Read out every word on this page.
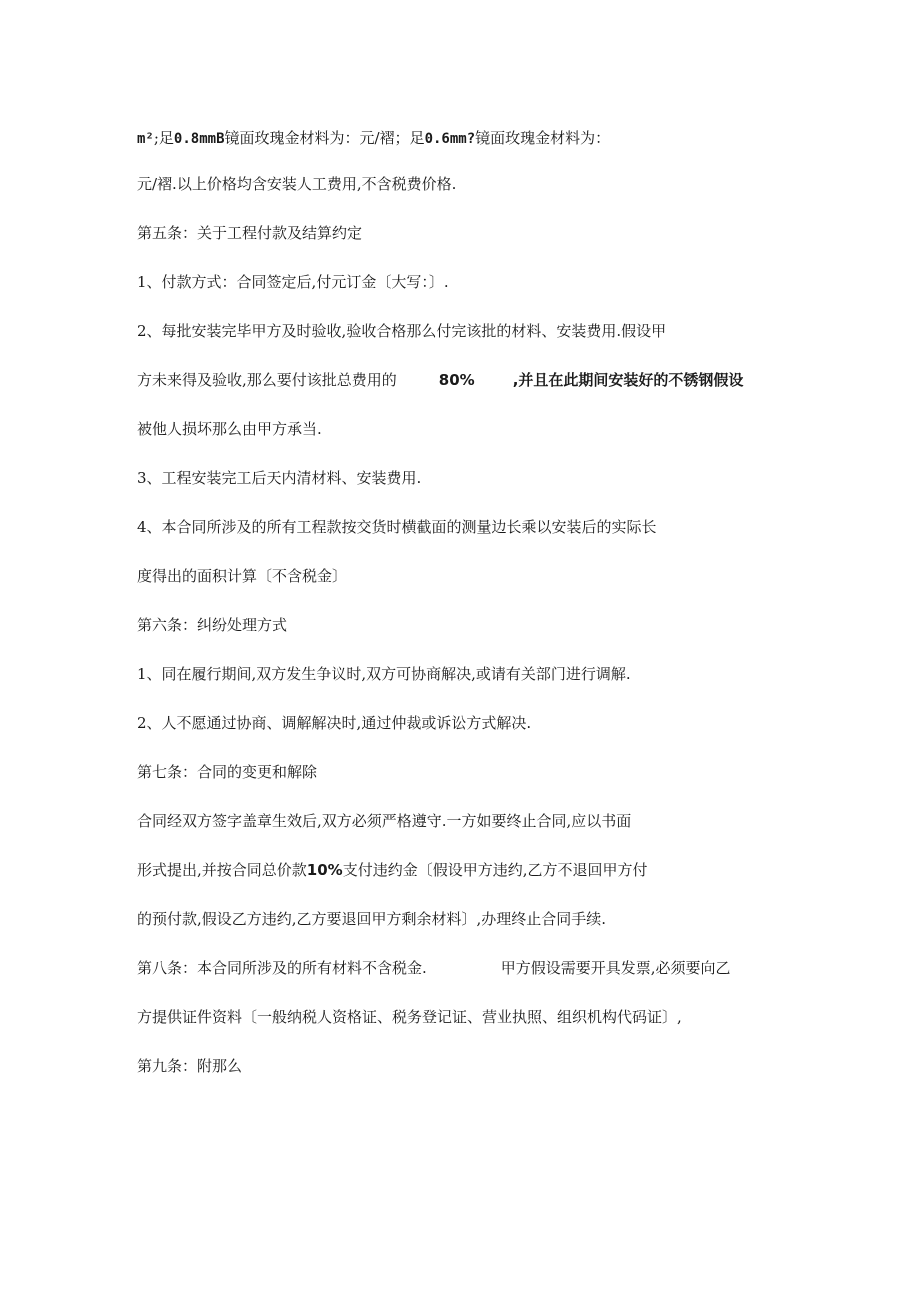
m²;足0.8mmB镜面玫瑰金材料为：元/褶；足0.6mm?镜面玫瑰金材料为：
元/褶.以上价格均含安装人工费用,不含税费价格.
第五条：关于工程付款及结算约定
1、付款方式：合同签定后,付元订金〔大写：〕.
2、每批安装完毕甲方及时验收,验收合格那么付完该批的材料、安装费用.假设甲
方未来得及验收,那么要付该批总费用的	80%	,并且在此期间安装好的不锈钢假设
被他人损坏那么由甲方承当.
3、工程安装完工后天内清材料、安装费用.
4、本合同所涉及的所有工程款按交货时横截面的测量边长乘以安装后的实际长
度得出的面积计算〔不含税金〕
第六条：纠纷处理方式
1、同在履行期间,双方发生争议时,双方可协商解决,或请有关部门进行调解.
2、人不愿通过协商、调解解决时,通过仲裁或诉讼方式解决.
第七条：合同的变更和解除
合同经双方签字盖章生效后,双方必须严格遵守.一方如要终止合同,应以书面
形式提出,并按合同总价款10%支付违约金〔假设甲方违约,乙方不退回甲方付
的预付款,假设乙方违约,乙方要退回甲方剩余材料〕,办理终止合同手续.
第八条：本合同所涉及的所有材料不含税金.	甲方假设需要开具发票,必须要向乙
方提供证件资料〔一般纳税人资格证、税务登记证、营业执照、组织机构代码证〕,
第九条：附那么
